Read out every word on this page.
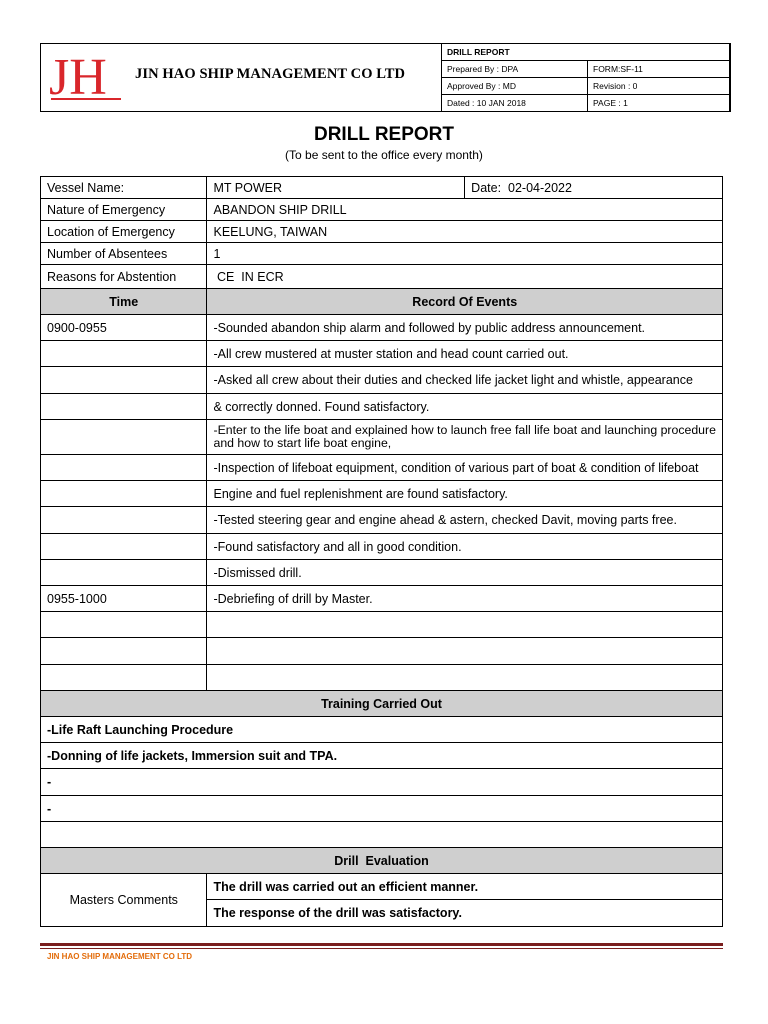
JH JIN HAO SHIP MANAGEMENT CO LTD
DRILL REPORT	
Prepared By : DPA	FORM:SF-11
Approved By : MD	Revision : 0
Dated : 10 JAN 2018	PAGE : 1
DRILL REPORT
(To be sent to the office every month)
Vessel Name:	MT POWER	Date: 02-04-2022
Nature of Emergency	ABANDON SHIP DRILL	
Location of Emergency	KEELUNG, TAIWAN	
Number of Absentees	1	
Reasons for Abstention	CE  IN ECR	
Time	Record Of Events	
0900-0955	-Sounded abandon ship alarm and followed by public address announcement.	
	-All crew mustered at muster station and head count carried out.	
	-Asked all crew about their duties and checked life jacket light and whistle, appearance	
	& correctly donned. Found satisfactory.	
	-Enter to the life boat and explained how to launch free fall life boat and launching procedure and how to start life boat engine,	
	-Inspection of lifeboat equipment, condition of various part of boat & condition of lifeboat	
	Engine and fuel replenishment are found satisfactory.	
	-Tested steering gear and engine ahead & astern, checked Davit, moving parts free.	
	-Found satisfactory and all in good condition.	
	-Dismissed drill.	
0955-1000	-Debriefing of drill by Master.	

Training Carried Out		
-Life Raft Launching Procedure		
-Donning of life jackets, Immersion suit and TPA.		
-		
-		

Drill  Evaluation		
Masters Comments	The drill was carried out an efficient manner.	
	The response of the drill was satisfactory.	
JIN HAO SHIP MANAGEMENT CO LTD
